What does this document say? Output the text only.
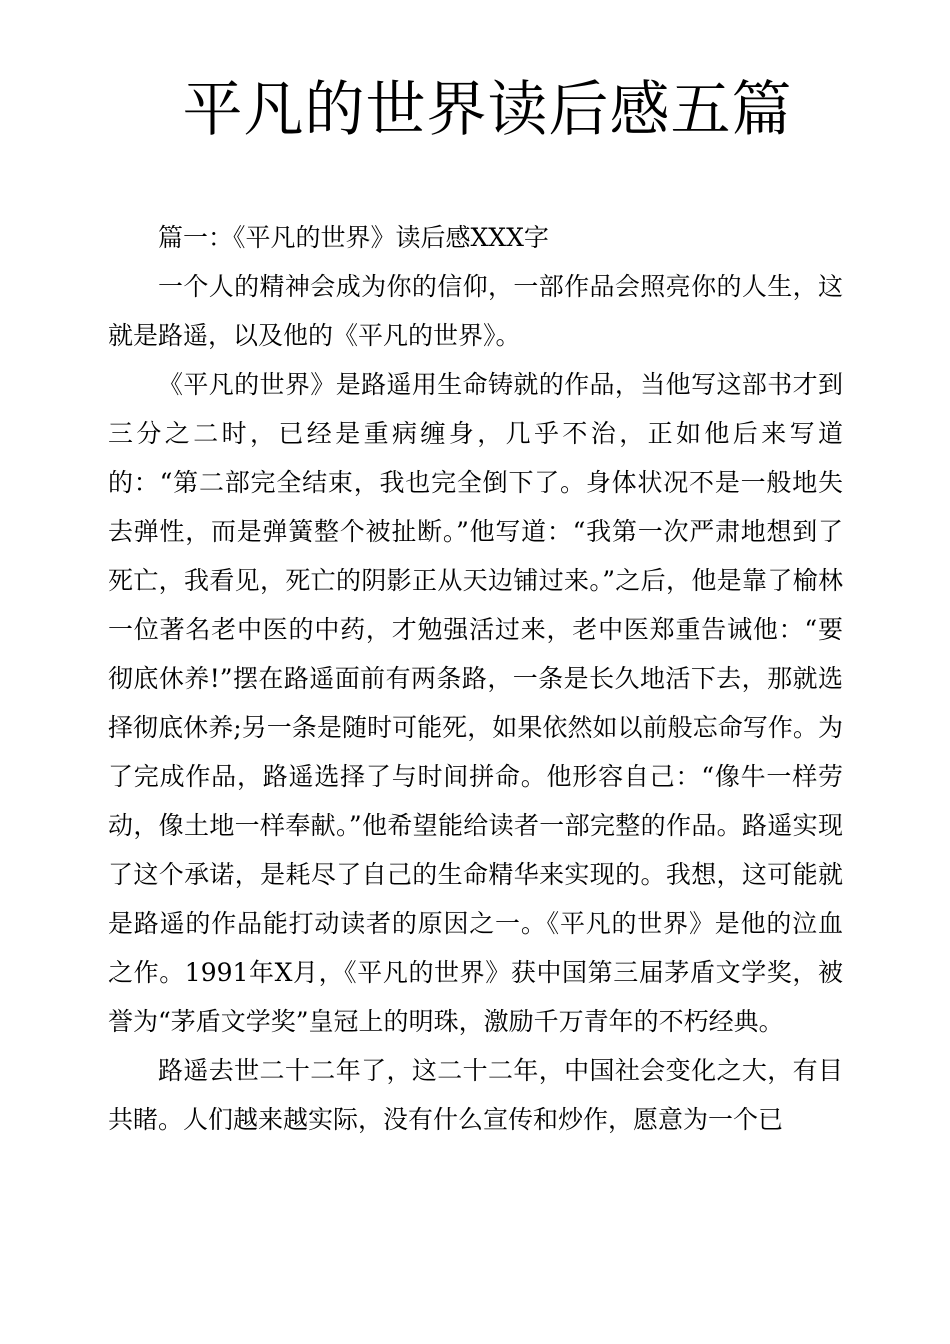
平凡的世界读后感五篇

篇一：《平凡的世界》读后感XXX字

一个人的精神会成为你的信仰，一部作品会照亮你的人生，这就是路遥，以及他的《平凡的世界》。

《平凡的世界》是路遥用生命铸就的作品，当他写这部书才到三分之二时，已经是重病缠身，几乎不治，正如他后来写道的：“第二部完全结束，我也完全倒下了。身体状况不是一般地失去弹性，而是弹簧整个被扯断。”他写道：“我第一次严肃地想到了死亡，我看见，死亡的阴影正从天边铺过来。”之后，他是靠了榆林一位著名老中医的中药，才勉强活过来，老中医郑重告诫他：“要彻底休养!”摆在路遥面前有两条路，一条是长久地活下去，那就选择彻底休养;另一条是随时可能死，如果依然如以前般忘命写作。为了完成作品，路遥选择了与时间拼命。他形容自己：“像牛一样劳动，像土地一样奉献。”他希望能给读者一部完整的作品。路遥实现了这个承诺，是耗尽了自己的生命精华来实现的。我想，这可能就是路遥的作品能打动读者的原因之一。《平凡的世界》是他的泣血之作。1991年X月，《平凡的世界》获中国第三届茅盾文学奖，被誉为“茅盾文学奖”皇冠上的明珠，激励千万青年的不朽经典。

路遥去世二十二年了，这二十二年，中国社会变化之大，有目共睹。人们越来越实际，没有什么宣传和炒作，愿意为一个已
